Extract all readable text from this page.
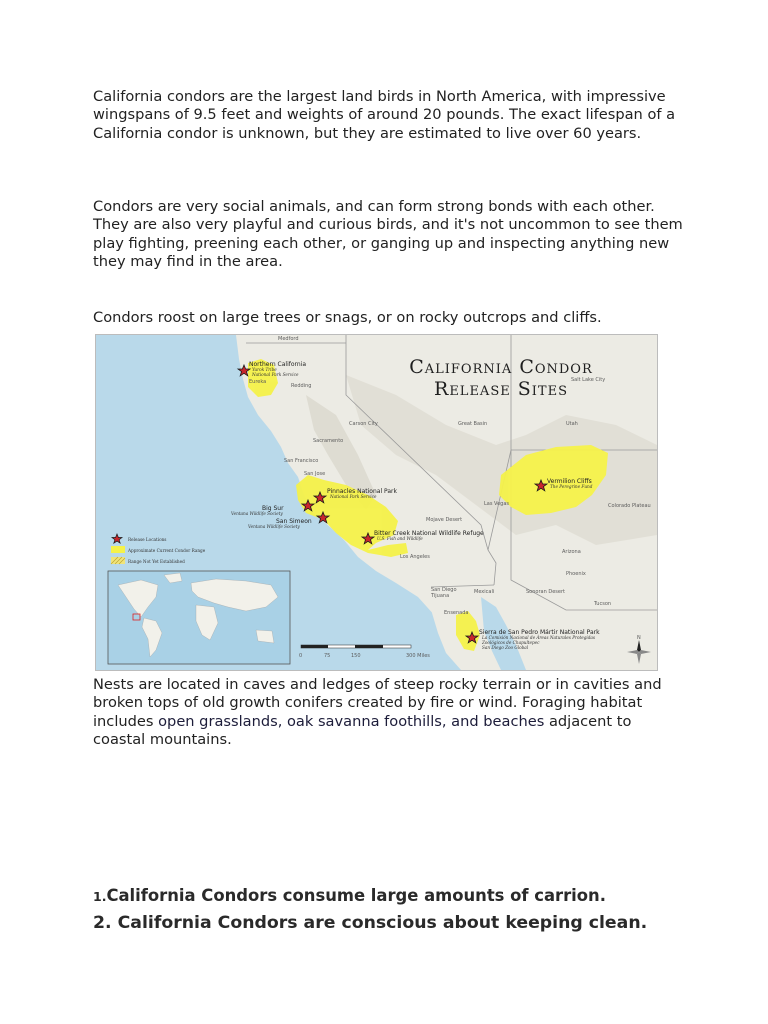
California condors are the largest land birds in North America, with impressive wingspans of 9.5 feet and weights of around 20 pounds. The exact lifespan of a California condor is unknown, but they are estimated to live over 60 years.

Condors are very social animals, and can form strong bonds with each other. They are also very playful and curious birds, and it's not uncommon to see them play fighting, preening each other, or ganging up and inspecting anything new they may find in the area.

Condors roost on large trees or snags, or on rocky outcrops and cliffs.

California Condor
Release Sites
Medford
Eureka
Redding
Carson City
Sacramento
San Francisco
San Jose
Salt Lake City
Great Basin	Utah
Las Vegas
Mojave Desert
Los Angeles
San Diego
Tijuana
Mexicali
Ensenada
Sonoran Desert
Arizona
Phoenix
Tucson
Colorado Plateau
Northern California
Yurok Tribe
National Park Service
Pinnacles National Park
National Park Service
Big Sur
Ventana Wildlife Society
San Simeon
Ventana Wildlife Society
Bitter Creek National Wildlife Refuge
U.S. Fish and Wildlife
Vermilion Cliffs
The Peregrine Fund
Sierra de San Pedro Mártir National Park
La Comisión Nacional de Áreas Naturales Protegidas
Zoológicos de Chapultepec
San Diego Zoo Global
Release Locations
Approximate Current Condor Range
Range Not Yet Established
0	75	150	300 Miles
N

Nests are located in caves and ledges of steep rocky terrain or in cavities and broken tops of old growth conifers created by fire or wind. Foraging habitat includes open grasslands, oak savanna foothills, and beaches adjacent to coastal mountains.

1.California Condors consume large amounts of carrion.

2. California Condors are conscious about keeping clean.
